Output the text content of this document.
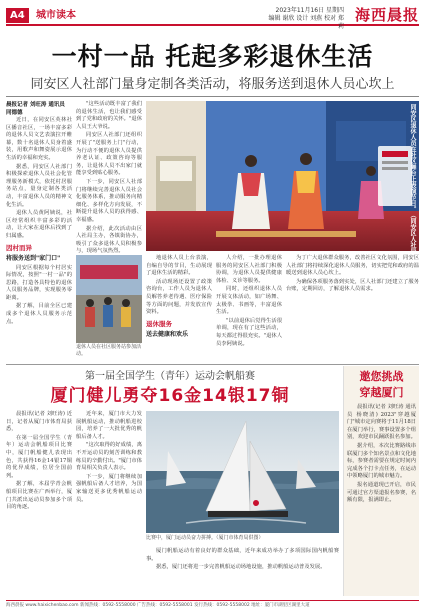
A4	城市读本	2023年11月16日 星期四
编辑 谢欣 设计 刘燕 校对 郑莉
海西晨报
一村一品 托起多彩退休生活
同安区人社部门量身定制各类活动，将服务送到退休人员心坎上
晨报记者 刘旺涛 通讯员 同德德

近日，在同安区英林社区播音社区，一场丰富多彩的退休人员文艺表演拉开帷幕，数十名退休人员身着盛装，用歌声和舞姿展示退休生活的幸福和充实。

据悉，同安区人社部门积极探索退休人员社会化管理服务新模式，依托村居服务站点，量身定制各类活动，丰富退休人员的精神文化生活。

退休人员黄阿姨说，社区经常组织丰富多彩的活动，让大家在退休后找到了归属感。

因村而异
将服务送到"家门口"

同安区根据每个村居实际情况，按照"一村一品"的思路，打造各具特色的退休人员服务品牌，实现服务零距离。

据了解，目前全区已建成多个退休人员服务示范点。

"这些活动既丰富了我们的退休生活，也让我们感受到了党和政府的关怀。"退休人员王大爷说。

同安区人社部门还组织开展了"送服务上门"行动，为行动不便的退休人员提供养老认证、政策咨询等服务，让退休人员不出家门就能享受到贴心服务。

下一步，同安区人社部门将继续完善退休人员社会化服务体系，推动服务向精细化、多样化方向发展，不断提升退休人员的获得感、幸福感。

据介绍，此次活动由区人社局主办，各镇街协办，吸引了众多退休人员积极参与，现场气氛热烈。	同安区退休人员在社区舞台上表演节目。（同安区人社局供图）
退休人员在社区服务站参加活动。

地退休人员上台表演，自编自导的节目，生动展现了退休生活的精彩。

活动现场还设置了政策咨询台，工作人员为退休人员解答养老待遇、医疗保险等方面的问题，并发放宣传资料。

退休服务
送去健康和欢乐

人介绍，一批办理退休服务的同安区人社部门积极协调，为退休人员提供健康体检、义诊等服务。

同时，还组织退休人员开展文体活动，如广场舞、太极拳、书画等，丰富退休生活。

"以前退休后觉得生活很单调，现在有了这些活动，每天都过得很充实。"退休人员李阿姨说。

为丁广大退休群众服务，改善社区文化氛围，同安区人社部门将持续深化退休人员服务，切实把党和政府的温暖送到退休人员心坎上。

为确保各项服务落到实处，区人社部门还建立了服务台账，定期回访，了解退休人员需求。

第一届全国学生（青年）运动会帆船赛
厦门健儿勇夺16金14银17铜

晨报讯(记者 刘旺涛) 近日，记者从厦门市体育局获悉，

在第一届全国学生（青年）运动会帆船项目比赛中，厦门帆船健儿表现出色，共获得16金14银17铜的优异成绩，位居全国前列。

据了解，本届学青会帆船项目比赛在广西举行，厦门共派出运动员参加多个项目的角逐。

近年来，厦门市大力发展帆船运动，推动帆船进校园，培养了一大批优秀的帆船后备人才。

"这次取得的好成绩，离不开运动员的刻苦训练和教练员的辛勤付出。"厦门市体育局相关负责人表示。

下一步，厦门将继续加强帆船后备人才培养，为国家输送更多优秀帆船运动员。

比赛中，厦门运动员奋力拼搏。（厦门市体育局供图）

厦门帆船运动有着良好的群众基础，近年来成功举办了多项国际国内帆船赛事。

据悉，厦门还将进一步完善帆船运动场地设施，推动帆船运动普及发展。

邀您挑战
穿越厦门

晨报讯(记者 刘旺涛 通讯员 杨晓清) 2023"穿越厦门"城市定向赛将于11月18日在厦门举行，赛事设置多个组别，欢迎市民踊跃报名参加。

据介绍，本次比赛路线串联厦门多个知名景点和文化地标，参赛者需要在规定时间内完成各个打卡点任务，在运动中领略厦门的城市魅力。

报名通道现已开启，市民可通过官方渠道报名参赛，名额有限，报满即止。

海西晨报 www.haixichenbao.com 新闻热线：0592-5558000 广告热线：0592-5558001 发行热线：0592-5558002 地址：厦门市湖里区湖里大道
